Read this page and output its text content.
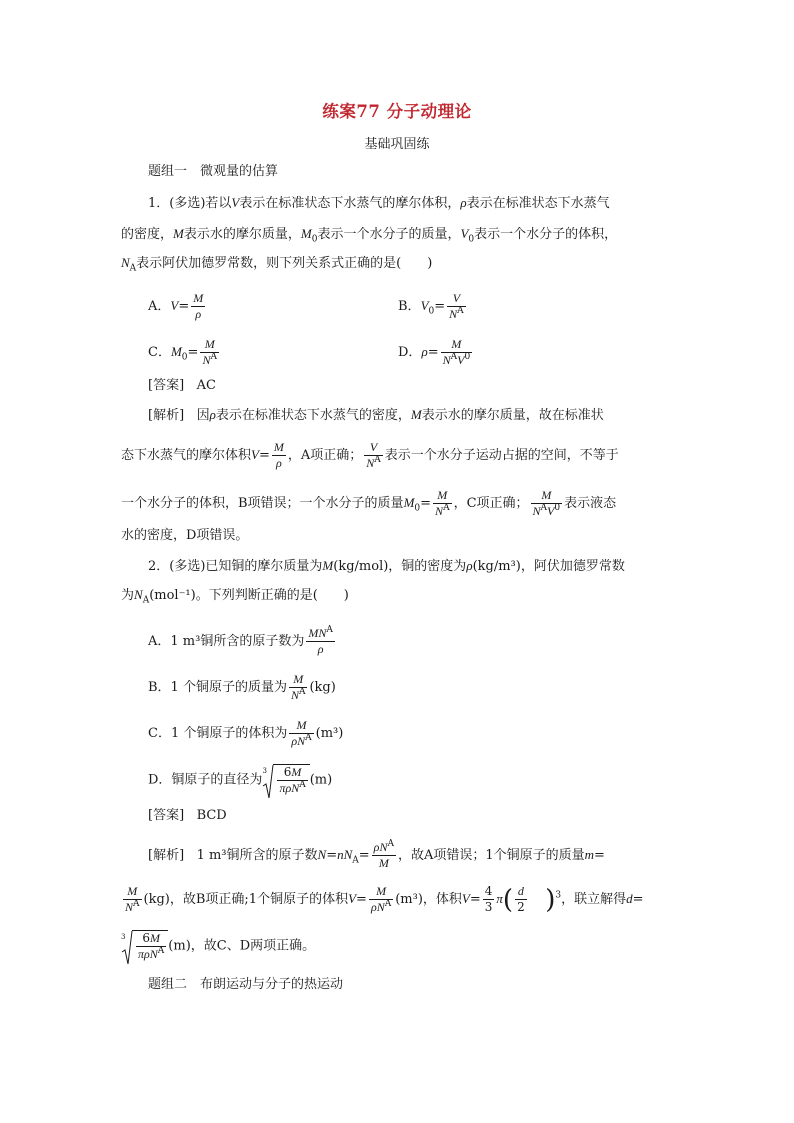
练案77 分子动理论
基础巩固练
题组一　微观量的估算
1．(多选)若以V表示在标准状态下水蒸气的摩尔体积，ρ表示在标准状态下水蒸气
的密度，M表示水的摩尔质量，$M_0$表示一个水分子的质量，$V_0$表示一个水分子的体积，
$N_A$表示阿伏加德罗常数，则下列关系式正确的是(　　)
A．$V= \frac{M}{\rho}$	B．$V_0= \frac{V}{N^A}$
C．$M_0= \frac{M}{N^A}$	D．$\rho= \frac{M}{N^AV^0}$
[答案] AC
[解析] 因ρ表示在标准状态下水蒸气的密度，M表示水的摩尔质量，故在标准状
态下水蒸气的摩尔体积$V= \frac{M}{\rho}$ ，A项正确； $\frac{V}{N^A}$ 表示一个水分子运动占据的空间，不等于
一个水分子的体积，B项错误；一个水分子的质量$M_0= \frac{M}{N^A}$ ，C项正确； $\frac{M}{N^AV^0}$ 表示液态
水的密度，D项错误。
2．(多选)已知铜的摩尔质量为M(kg/mol)，铜的密度为ρ(kg/m³)，阿伏加德罗常数
为$N_A(mol^{-1})$。下列判断正确的是(　　)
A．1 m³铜所含的原子数为 $\frac{MN^A}{\rho}$
B．1 个铜原子的质量为 $\frac{M}{N^A} (kg)$
C．1 个铜原子的体积为 $\frac{M}{\rho N^A} (m^3)$
D．铜原子的直径为
$3 \frac{6M}{\pi\rho N^A} (m)$
[答案] BCD
[解析] 1 m³铜所含的原子数$N=nN_A= \frac{\rho N^A}{M}$ ，故A项错误；1个铜原子的质量m=
$\frac{M}{N^A} (kg)$，故B项正确;1个铜原子的体积$V= \frac{M}{\rho N^A} (m^3)$，体积$V= \frac{4}{3} \pi( \frac{d}{2} )^3$，联立解得d=
$3 \frac{6M}{\pi\rho N^A} (m)$，故C、D两项正确。
题组二　布朗运动与分子的热运动
